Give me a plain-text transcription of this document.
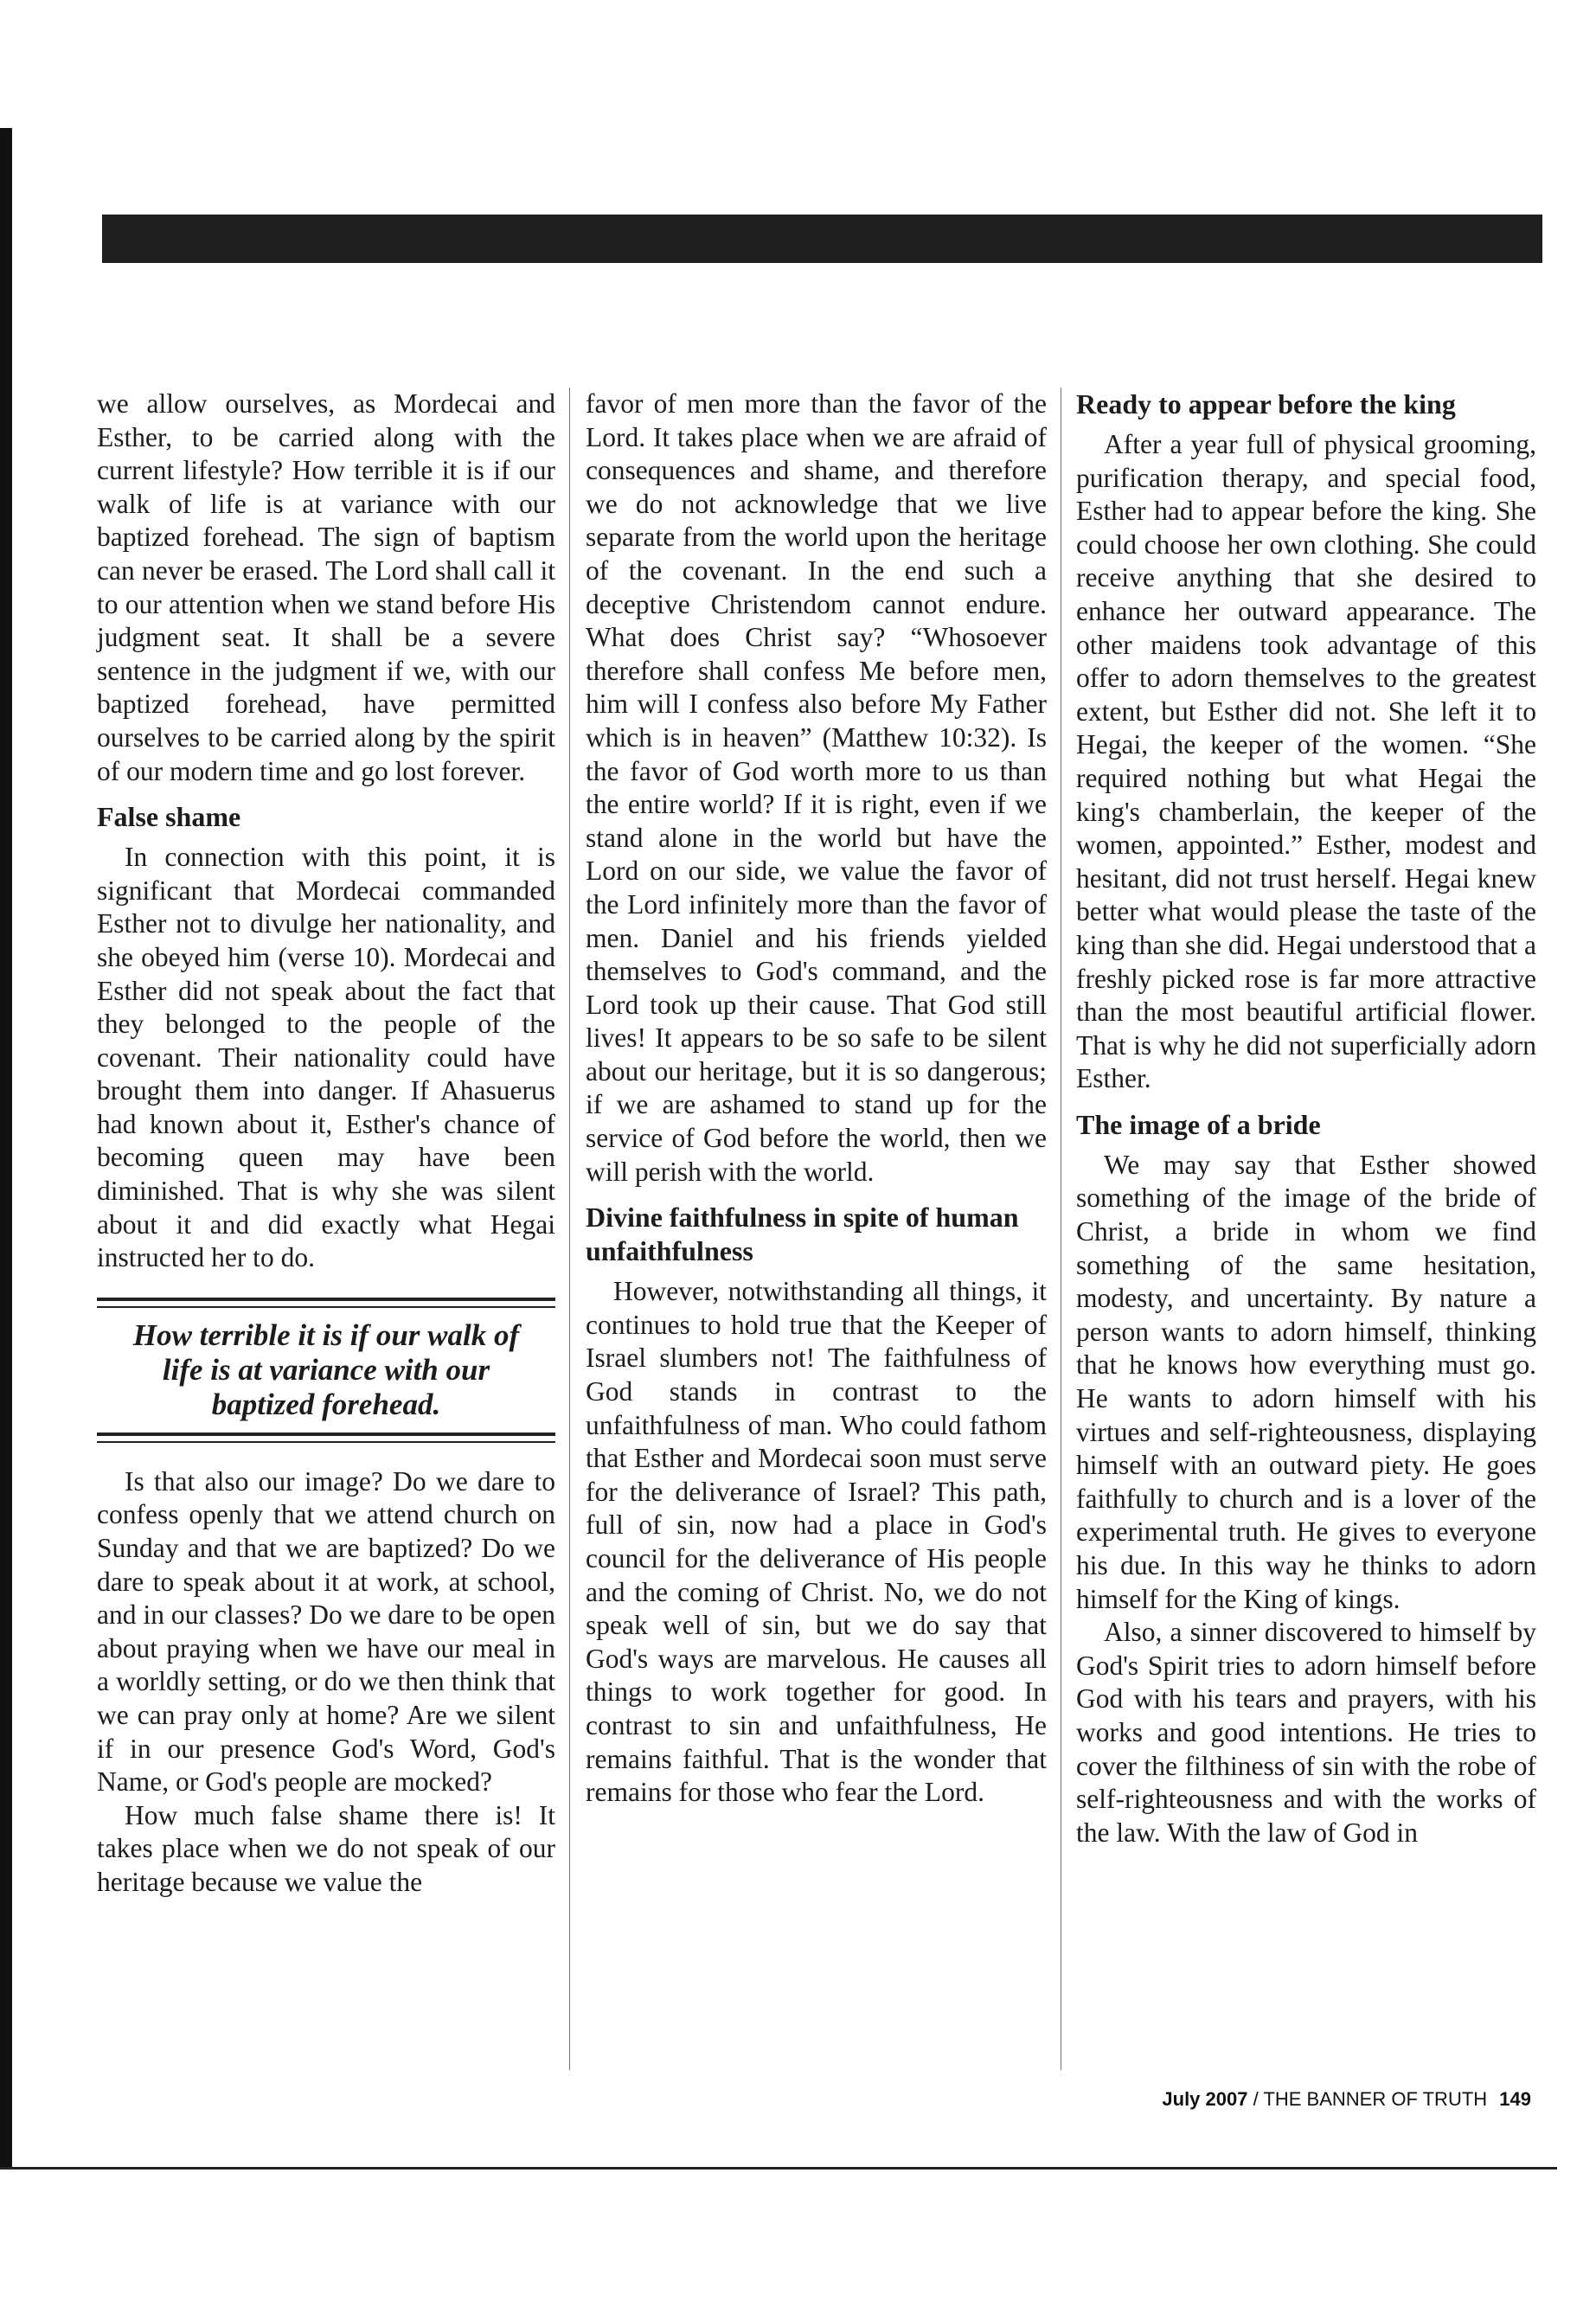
we allow ourselves, as Mordecai and Esther, to be carried along with the current lifestyle? How terrible it is if our walk of life is at variance with our baptized forehead. The sign of baptism can never be erased. The Lord shall call it to our attention when we stand before His judgment seat. It shall be a severe sentence in the judgment if we, with our baptized forehead, have permitted ourselves to be carried along by the spirit of our modern time and go lost forever.

False shame

In connection with this point, it is significant that Mordecai commanded Esther not to divulge her nationality, and she obeyed him (verse 10). Mordecai and Esther did not speak about the fact that they belonged to the people of the covenant. Their nationality could have brought them into danger. If Ahasuerus had known about it, Esther's chance of becoming queen may have been diminished. That is why she was silent about it and did exactly what Hegai instructed her to do.

How terrible it is if our walk of life is at variance with our baptized forehead.

Is that also our image? Do we dare to confess openly that we attend church on Sunday and that we are baptized? Do we dare to speak about it at work, at school, and in our classes? Do we dare to be open about praying when we have our meal in a worldly setting, or do we then think that we can pray only at home? Are we silent if in our presence God's Word, God's Name, or God's people are mocked?

How much false shame there is! It takes place when we do not speak of our heritage because we value the

favor of men more than the favor of the Lord. It takes place when we are afraid of consequences and shame, and therefore we do not acknowledge that we live separate from the world upon the heritage of the covenant. In the end such a deceptive Christendom cannot endure. What does Christ say? “Whosoever therefore shall confess Me before men, him will I confess also before My Father which is in heaven” (Matthew 10:32). Is the favor of God worth more to us than the entire world? If it is right, even if we stand alone in the world but have the Lord on our side, we value the favor of the Lord infinitely more than the favor of men. Daniel and his friends yielded themselves to God's command, and the Lord took up their cause. That God still lives! It appears to be so safe to be silent about our heritage, but it is so dangerous; if we are ashamed to stand up for the service of God before the world, then we will perish with the world.

Divine faithfulness in spite of human unfaithfulness

However, notwithstanding all things, it continues to hold true that the Keeper of Israel slumbers not! The faithfulness of God stands in contrast to the unfaithfulness of man. Who could fathom that Esther and Mordecai soon must serve for the deliverance of Israel? This path, full of sin, now had a place in God's council for the deliverance of His people and the coming of Christ. No, we do not speak well of sin, but we do say that God's ways are marvelous. He causes all things to work together for good. In contrast to sin and unfaithfulness, He remains faithful. That is the wonder that remains for those who fear the Lord.

Ready to appear before the king

After a year full of physical grooming, purification therapy, and special food, Esther had to appear before the king. She could choose her own clothing. She could receive anything that she desired to enhance her outward appearance. The other maidens took advantage of this offer to adorn themselves to the greatest extent, but Esther did not. She left it to Hegai, the keeper of the women. “She required nothing but what Hegai the king's chamberlain, the keeper of the women, appointed.” Esther, modest and hesitant, did not trust herself. Hegai knew better what would please the taste of the king than she did. Hegai understood that a freshly picked rose is far more attractive than the most beautiful artificial flower. That is why he did not superficially adorn Esther.

The image of a bride

We may say that Esther showed something of the image of the bride of Christ, a bride in whom we find something of the same hesitation, modesty, and uncertainty. By nature a person wants to adorn himself, thinking that he knows how everything must go. He wants to adorn himself with his virtues and self-righteousness, displaying himself with an outward piety. He goes faithfully to church and is a lover of the experimental truth. He gives to everyone his due. In this way he thinks to adorn himself for the King of kings.

Also, a sinner discovered to himself by God's Spirit tries to adorn himself before God with his tears and prayers, with his works and good intentions. He tries to cover the filthiness of sin with the robe of self-righteousness and with the works of the law. With the law of God in

July 2007 / THE BANNER OF TRUTH 149
